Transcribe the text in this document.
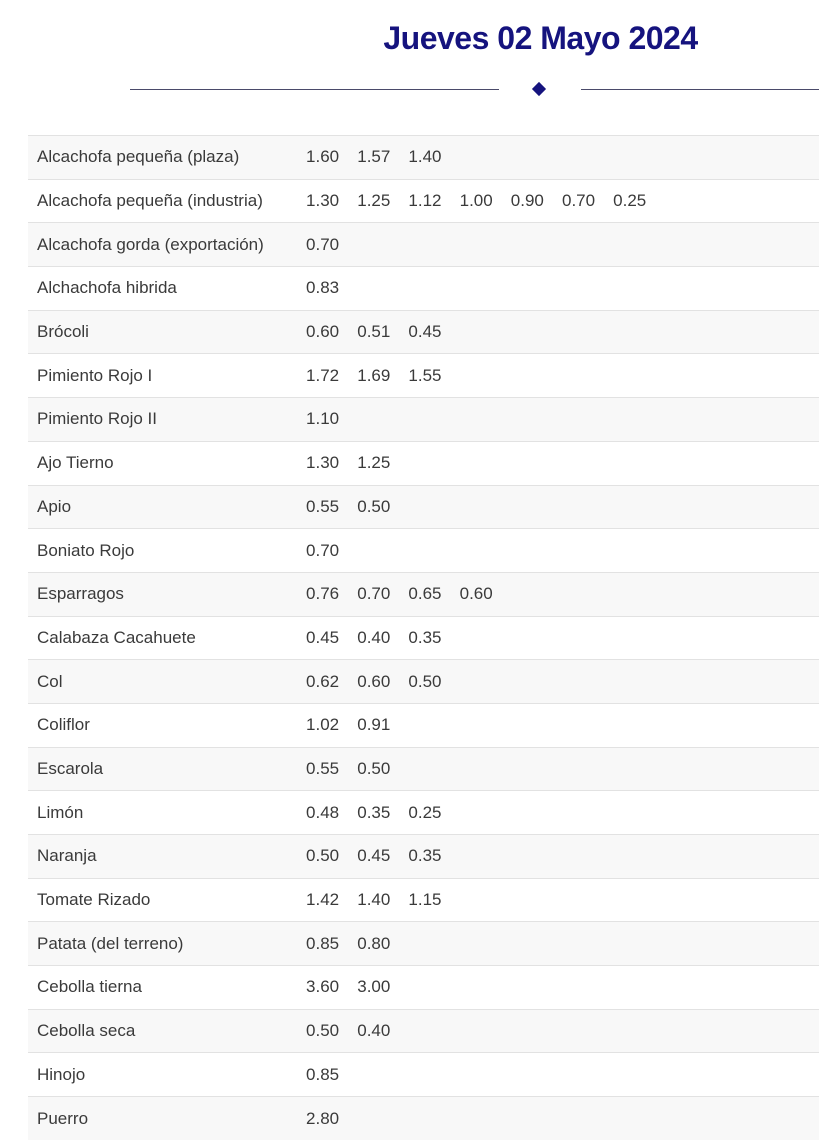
Jueves 02 Mayo 2024
Alcachofa pequeña (plaza)	1.60	1.57	1.40					
Alcachofa pequeña (industria)	1.30	1.25	1.12	1.00	0.90	0.70	0.25	
Alcachofa gorda (exportación)	0.70							
Alchachofa hibrida	0.83							
Brócoli	0.60	0.51	0.45					
Pimiento Rojo I	1.72	1.69	1.55					
Pimiento Rojo II	1.10							
Ajo Tierno	1.30	1.25						
Apio	0.55	0.50						
Boniato Rojo	0.70							
Esparragos	0.76	0.70	0.65	0.60				
Calabaza Cacahuete	0.45	0.40	0.35					
Col	0.62	0.60	0.50					
Coliflor	1.02	0.91						
Escarola	0.55	0.50						
Limón	0.48	0.35	0.25					
Naranja	0.50	0.45	0.35					
Tomate Rizado	1.42	1.40	1.15					
Patata (del terreno)	0.85	0.80						
Cebolla tierna	3.60	3.00						
Cebolla seca	0.50	0.40						
Hinojo	0.85							
Puerro	2.80							
